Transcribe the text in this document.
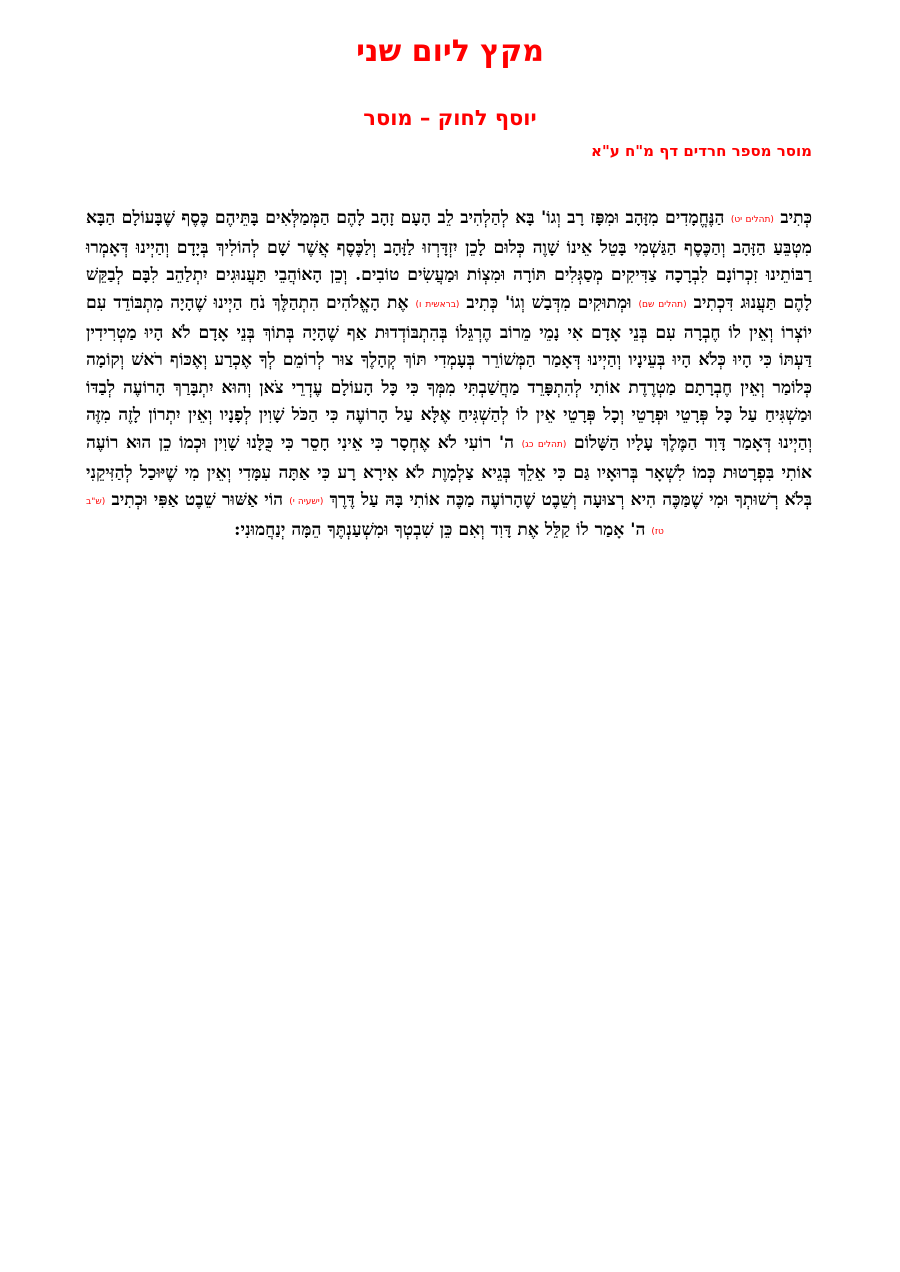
מקץ ליום שני
יוסף לחוק – מוסר
מוסר מספר חרדים דף מ"ח ע"א

כְּתִיב (תהלים יט) הַנֶּחֱמָדִים מִזָּהָב וּמִפָּז רָב וְגוֹ' בָּא לְהַלְהִיב לֵב הָעָם זָהָב לָהֶם הַמְּמַלְּאִים בָּתֵּיהֶם כֶּסֶף שֶׁבָּעוֹלָם הַבָּא מִטְבֵּעַ הַזָּהָב וְהַכֶּסֶף הַגַּשְׁמִי בָּטֵל אֵינוֹ שָׁוֶה כְּלוּם לָכֵן יִזְדָּרְזוּ לַזָּהָב וְלַכֶּסֶף אֲשֶׁר שָׁם לְהוֹלִיךְ בְּיָדָם וְהַיְינוּ דְּאָמְרוּ רַבּוֹתֵינוּ זִכְרוֹנָם לִבְרָכָה צַדִּיקִים מְסַגְּלִים תּוֹרָה וּמִצְוֹת וּמַעֲשִׂים טוֹבִים. וְכֵן הָאוֹהֲבֵי תַּעֲנוּגִים יִתְלַהֵב לִבָּם לְבַקֵּשׁ לָהֶם תַּעֲנוּג דִּכְתִיב (תהלים שם) וּמְתוּקִים מִדְּבַשׁ וְגוֹ' כְּתִיב (בראשית ו) אֶת הָאֱלֹהִים הִתְהַלֶּךְ נֹחַ הַיְינוּ שֶׁהָיָה מִתְבּוֹדֵד עִם יוֹצְרוֹ וְאֵין לוֹ חֶבְרָה עִם בְּנֵי אָדָם אִי נָמֵי מֵרוֹב הֶרְגֵּלוֹ בְּהִתְבּוֹדְדוּת אַף שֶׁהָיָה בְּתוֹךְ בְּנֵי אָדָם לֹא הָיוּ מַטְרִידִין דַּעְתּוֹ כִּי הָיוּ כְּלֹא הָיוּ בְּעֵינָיו וְהַיְינוּ דְּאָמַר הַמְּשׁוֹרֵר בְּעָמְדִי תּוֹךְ קְהָלֶךָ צוּר לְרוֹמֵם לְךָ אֶכְרַע וְאֶכּוֹף רֹאשׁ וְקוֹמָה כְּלוֹמַר וְאֵין חֶבְרָתָם מַטְרֶדֶת אוֹתִי לְהִתְפָּרֵד מַחֲשַׁבְתִּי מִמְּךָ כִּי כָּל הָעוֹלָם עֶדְרֵי צֹאן וְהוּא יִתְבָּרַךְ הָרוֹעֶה לְבַדּוֹ וּמַשְׁגִּיחַ עַל כָּל פְּרָטֵי וּפְרָטֵי וְכָל פְּרָטֵי אֵין לוֹ לְהַשְׁגִּיחַ אֶלָּא עַל הָרוֹעֶה כִּי הַכֹּל שָׁוִין לְפָנָיו וְאֵין יִתְרוֹן לָזֶה מִזֶּה וְהַיְינוּ דְּאָמַר דָּוִד הַמֶּלֶךְ עָלָיו הַשָּׁלוֹם (תהלים כג) ה' רוֹעִי לֹא אֶחְסָר כִּי אֵינִי חָסֵר כִּי כֻּלָּנוּ שָׁוִין וּכְמוֹ כֵן הוּא רוֹעֶה אוֹתִי בִּפְרָטוּת כְּמוֹ לִשְׁאָר בְּרוּאָיו גַּם כִּי אֵלֵךְ בְּגֵיא צַלְמָוֶת לֹא אִירָא רָע כִּי אַתָּה עִמָּדִי וְאֵין מִי שֶׁיּוּכַל לְהַזִּיקֵנִי בְּלֹא רְשׁוּתְךָ וּמִי שֶׁמַּכֶּה הִיא רְצוּעָה וְשֵׁבֶט שֶׁהָרוֹעֶה מַכֶּה אוֹתִי בָּהּ עַל דֶּרֶךְ (ישעיה י) הוֹי אַשּׁוּר שֵׁבֶט אַפִּי וּכְתִיב (ש"ב טז) ה' אָמַר לוֹ קַלֵּל אֶת דָּוִד וְאִם כֵּן שִׁבְטְךָ וּמִשְׁעַנְתֶּךָ הֵמָּה יְנַחֲמוּנִי:
